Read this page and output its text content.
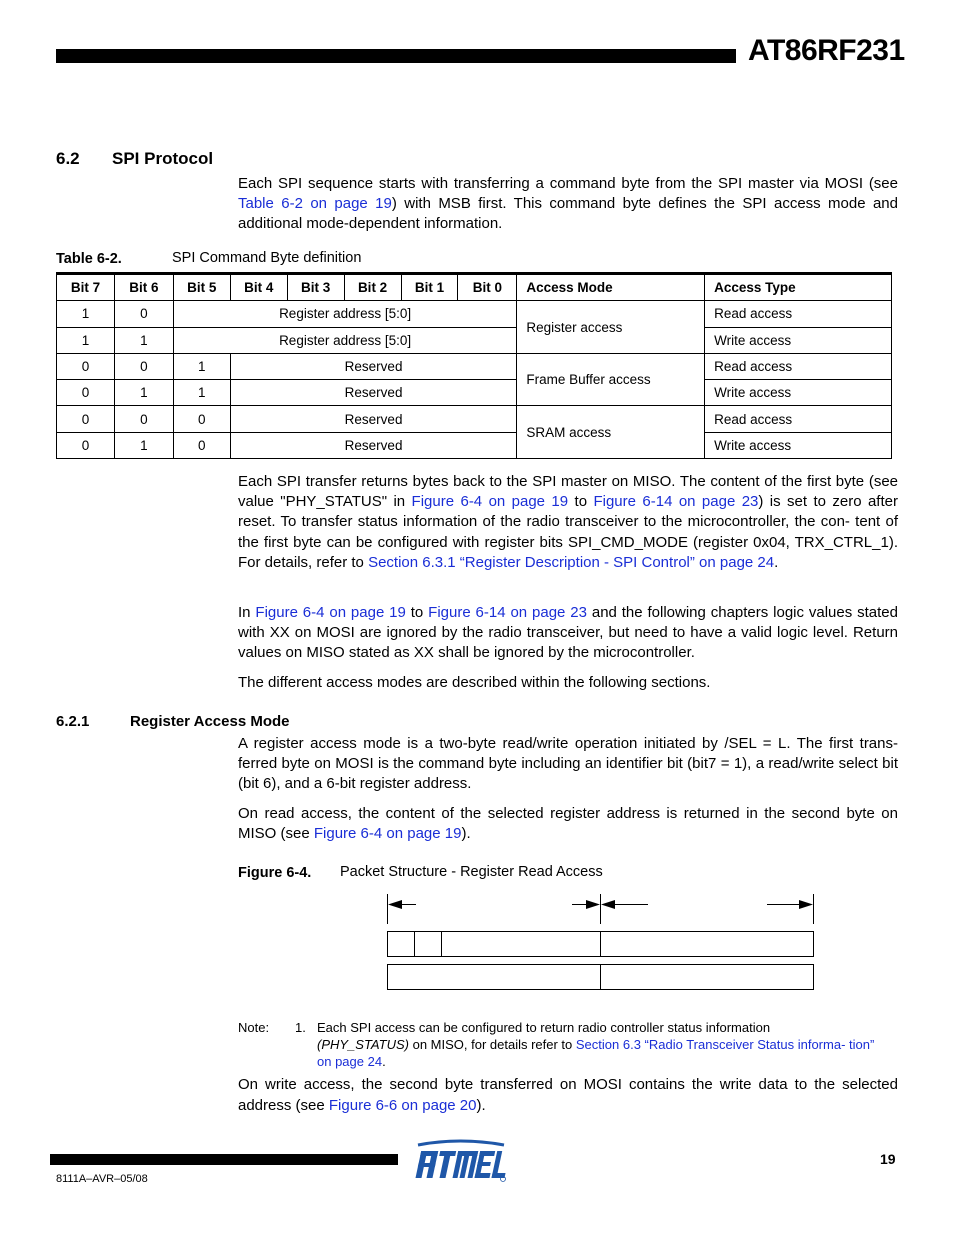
AT86RF231
6.2 SPI Protocol

Each SPI sequence starts with transferring a command byte from the SPI master via MOSI (see Table 6-2 on page 19) with MSB first. This command byte defines the SPI access mode and additional mode-dependent information.

Table 6-2.	SPI Command Byte definition
Bit 7	Bit 6	Bit 5	Bit 4	Bit 3	Bit 2	Bit 1	Bit 0	Access Mode	Access Type
1	0	Register address [5:0]						Register access	Read access
1	1	Register address [5:0]							Write access
0	0	1	Reserved					Frame Buffer access	Read access
0	1	1	Reserved						Write access
0	0	0	Reserved					SRAM access	Read access
0	1	0	Reserved						Write access

Each SPI transfer returns bytes back to the SPI master on MISO. The content of the first byte (see value "PHY_STATUS" in Figure 6-4 on page 19 to Figure 6-14 on page 23) is set to zero after reset. To transfer status information of the radio transceiver to the microcontroller, the con- tent of the first byte can be configured with register bits SPI_CMD_MODE (register 0x04, TRX_CTRL_1). For details, refer to Section 6.3.1 “Register Description - SPI Control” on page 24.

In Figure 6-4 on page 19 to Figure 6-14 on page 23 and the following chapters logic values stated with XX on MOSI are ignored by the radio transceiver, but need to have a valid logic level. Return values on MISO stated as XX shall be ignored by the microcontroller.

The different access modes are described within the following sections.

6.2.1	Register Access Mode

A register access mode is a two-byte read/write operation initiated by /SEL = L. The first trans- ferred byte on MOSI is the command byte including an identifier bit (bit7 = 1), a read/write select bit (bit 6), and a 6-bit register address.

On read access, the content of the selected register address is returned in the second byte on MISO (see Figure 6-4 on page 19).

Figure 6-4. Packet Structure - Register Read Access
Note: 1. Each SPI access can be configured to return radio controller status information
(PHY_STATUS) on MISO, for details refer to Section 6.3 “Radio Transceiver Status informa- tion” on page 24.

On write access, the second byte transferred on MOSI contains the write data to the selected address (see Figure 6-6 on page 20).

19
8111A–AVR–05/08
